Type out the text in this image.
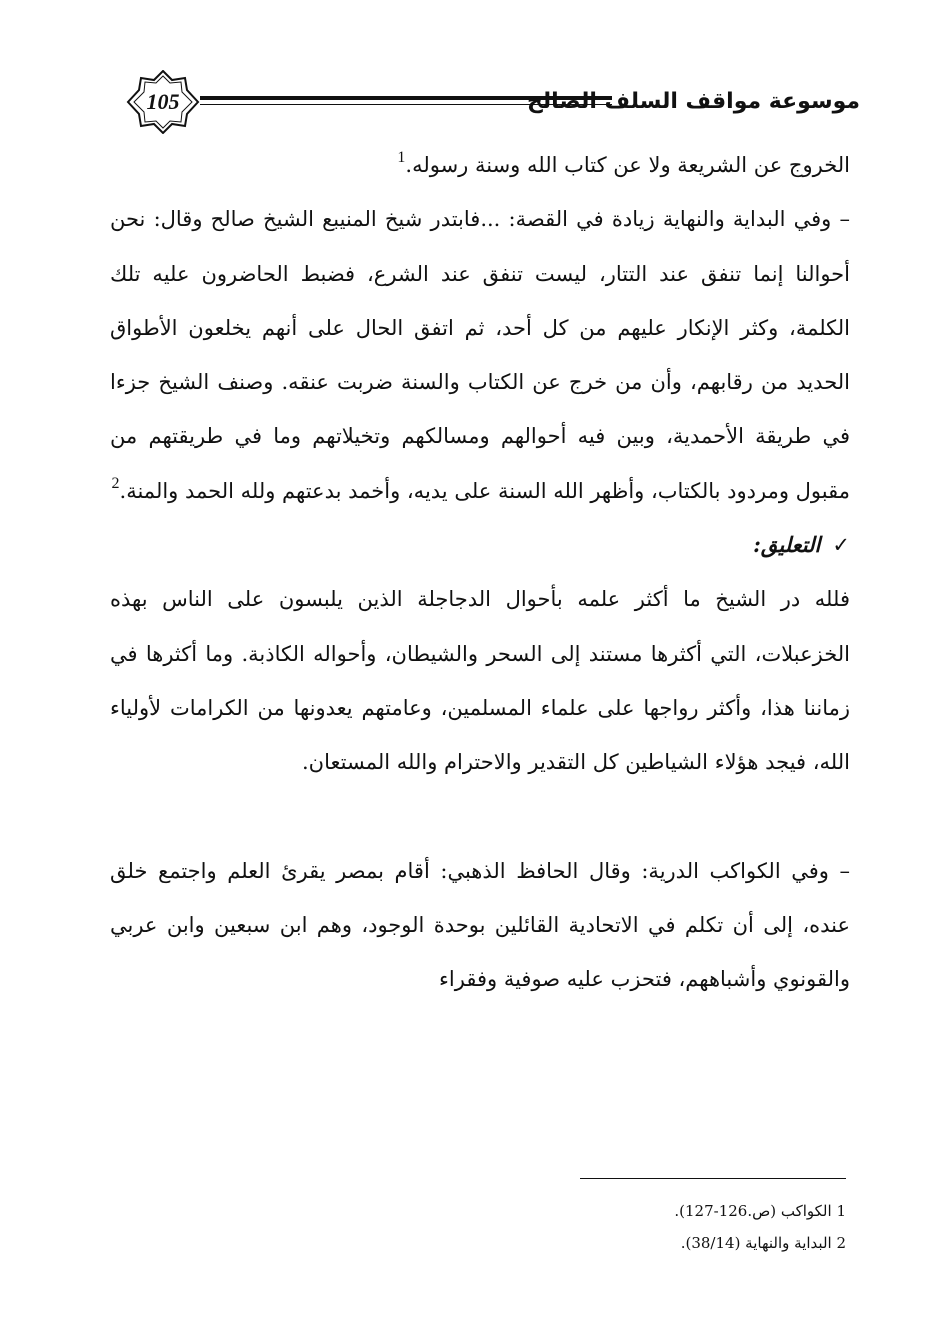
105	موسوعة مواقف السلف الصالح

الخروج عن الشريعة ولا عن كتاب الله وسنة رسوله.$^1$

– وفي البداية والنهاية زيادة في القصة: ...فابتدر شيخ المنيبع الشيخ صالح وقال: نحن أحوالنا إنما تنفق عند التتار، ليست تنفق عند الشرع، فضبط الحاضرون عليه تلك الكلمة، وكثر الإنكار عليهم من كل أحد، ثم اتفق الحال على أنهم يخلعون الأطواق الحديد من رقابهم، وأن من خرج عن الكتاب والسنة ضربت عنقه. وصنف الشيخ جزءا في طريقة الأحمدية، وبين فيه أحوالهم ومسالكهم وتخيلاتهم وما في طريقتهم من مقبول ومردود بالكتاب، وأظهر الله السنة على يديه، وأخمد بدعتهم ولله الحمد والمنة.$^2$

✓التعليق:

فلله در الشيخ ما أكثر علمه بأحوال الدجاجلة الذين يلبسون على الناس بهذه الخزعبلات، التي أكثرها مستند إلى السحر والشيطان، وأحواله الكاذبة. وما أكثرها في زماننا هذا، وأكثر رواجها على علماء المسلمين، وعامتهم يعدونها من الكرامات لأولياء الله، فيجد هؤلاء الشياطين كل التقدير والاحترام والله المستعان.

– وفي الكواكب الدرية: وقال الحافظ الذهبي: أقام بمصر يقرئ العلم واجتمع خلق عنده، إلى أن تكلم في الاتحادية القائلين بوحدة الوجود، وهم ابن سبعين وابن عربي والقونوي وأشباههم، فتحزب عليه صوفية وفقراء

1 الكواكب (ص.126-127).

2 البداية والنهاية (38/14).
